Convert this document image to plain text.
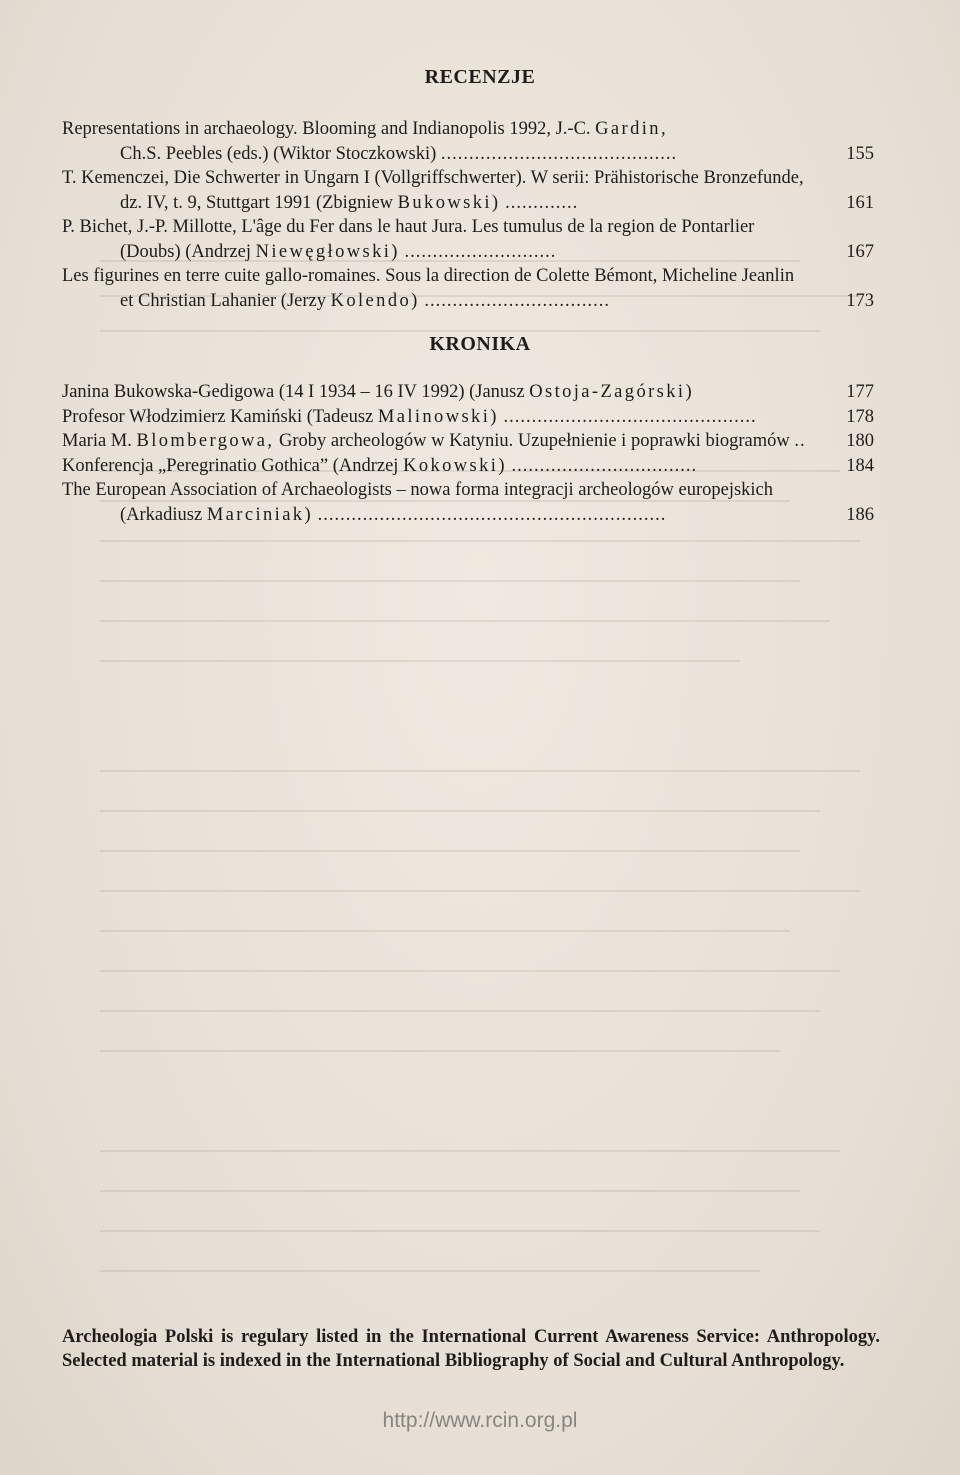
RECENZJE
Representations in archaeology. Blooming and Indianopolis 1992, J.-C. Gardin,
Ch.S. Peebles (eds.) (Wiktor Stoczkowski) ..........................................	155
T. Kemenczei, Die Schwerter in Ungarn I (Vollgriffschwerter). W serii: Prähistorische Bronzefunde, dz. IV, t. 9, Stuttgart 1991 (Zbigniew Bukowski) .............	161
P. Bichet, J.-P. Millotte, L'âge du Fer dans le haut Jura. Les tumulus de la region de Pontarlier (Doubs) (Andrzej Niewęgłowski) ...........................	167
Les figurines en terre cuite gallo-romaines. Sous la direction de Colette Bémont, Micheline Jeanlin et Christian Lahanier (Jerzy Kolendo) .................................	173
KRONIKA
Janina Bukowska-Gedigowa (14 I 1934 – 16 IV 1992) (Janusz Ostoja-Zagórski)	177
Profesor Włodzimierz Kamiński (Tadeusz Malinowski) .............................................	178
Maria M. Blombergowa, Groby archeologów w Katyniu. Uzupełnienie i poprawki biogramów ..	180
Konferencja „Peregrinatio Gothica” (Andrzej Kokowski) .................................	184
The European Association of Archaeologists – nowa forma integracji archeologów europejskich (Arkadiusz Marciniak) ..............................................................	186

Archeologia Polski is regulary listed in the International Current Awareness Service: Anthropology. Selected material is indexed in the International Bibliography of Social and Cultural Anthropology.

http://www.rcin.org.pl
